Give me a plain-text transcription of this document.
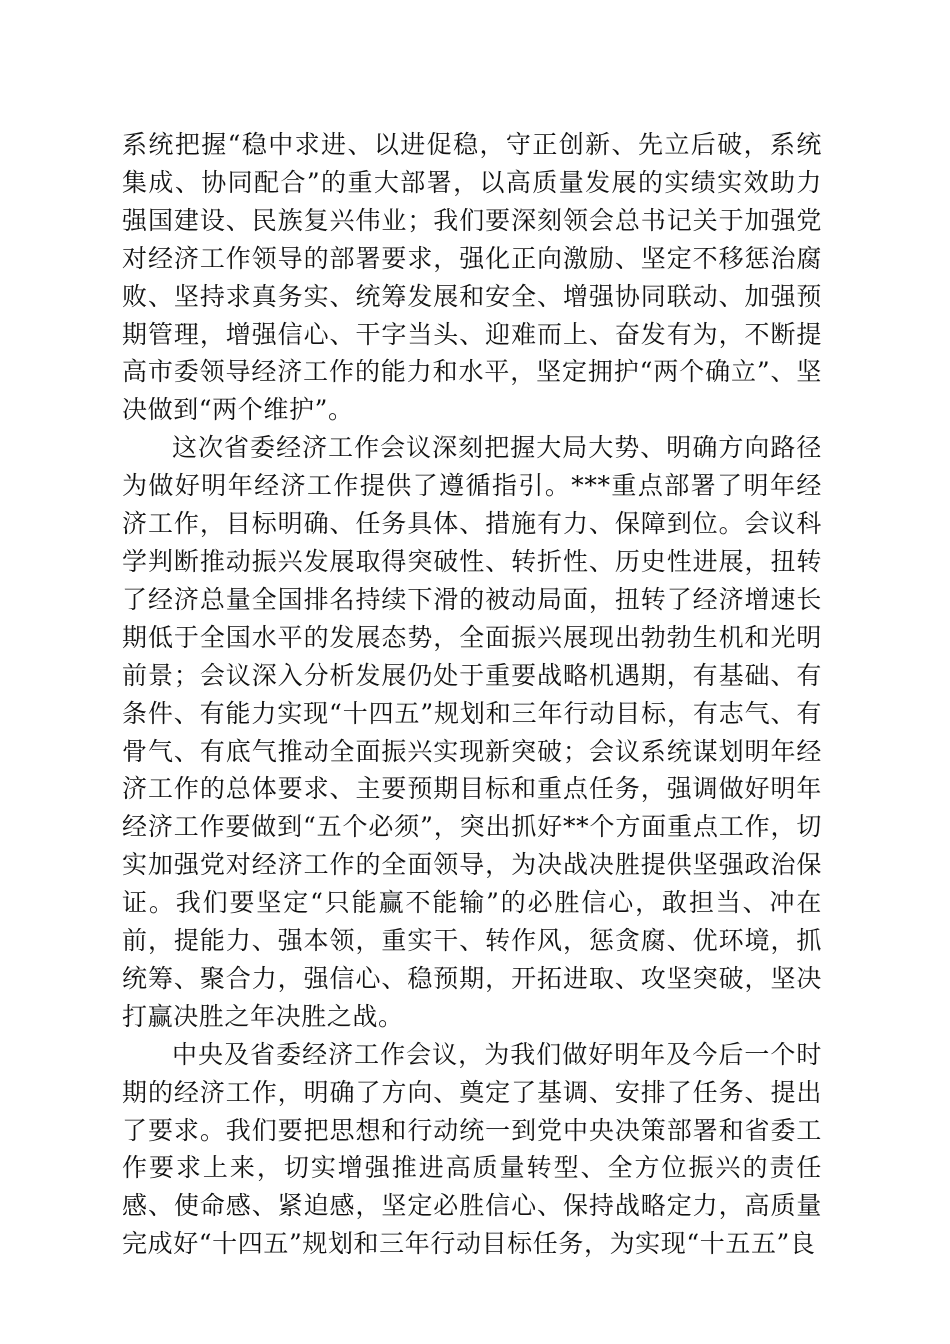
系统把握“稳中求进、以进促稳，守正创新、先立后破，系统集成、协同配合”的重大部署，以高质量发展的实绩实效助力强国建设、民族复兴伟业；我们要深刻领会总书记关于加强党对经济工作领导的部署要求，强化正向激励、坚定不移惩治腐败、坚持求真务实、统筹发展和安全、增强协同联动、加强预期管理，增强信心、干字当头、迎难而上、奋发有为，不断提高市委领导经济工作的能力和水平，坚定拥护“两个确立”、坚决做到“两个维护”。

这次省委经济工作会议深刻把握大局大势、明确方向路径为做好明年经济工作提供了遵循指引。***重点部署了明年经济工作，目标明确、任务具体、措施有力、保障到位。会议科学判断推动振兴发展取得突破性、转折性、历史性进展，扭转了经济总量全国排名持续下滑的被动局面，扭转了经济增速长期低于全国水平的发展态势，全面振兴展现出勃勃生机和光明前景；会议深入分析发展仍处于重要战略机遇期，有基础、有条件、有能力实现“十四五”规划和三年行动目标，有志气、有骨气、有底气推动全面振兴实现新突破；会议系统谋划明年经济工作的总体要求、主要预期目标和重点任务，强调做好明年经济工作要做到“五个必须”，突出抓好**个方面重点工作，切实加强党对经济工作的全面领导，为决战决胜提供坚强政治保证。我们要坚定“只能赢不能输”的必胜信心，敢担当、冲在前，提能力、强本领，重实干、转作风，惩贪腐、优环境，抓统筹、聚合力，强信心、稳预期，开拓进取、攻坚突破，坚决打赢决胜之年决胜之战。

中央及省委经济工作会议，为我们做好明年及今后一个时期的经济工作，明确了方向、奠定了基调、安排了任务、提出了要求。我们要把思想和行动统一到党中央决策部署和省委工作要求上来，切实增强推进高质量转型、全方位振兴的责任感、使命感、紧迫感，坚定必胜信心、保持战略定力，高质量完成好“十四五”规划和三年行动目标任务，为实现“十五五”良
